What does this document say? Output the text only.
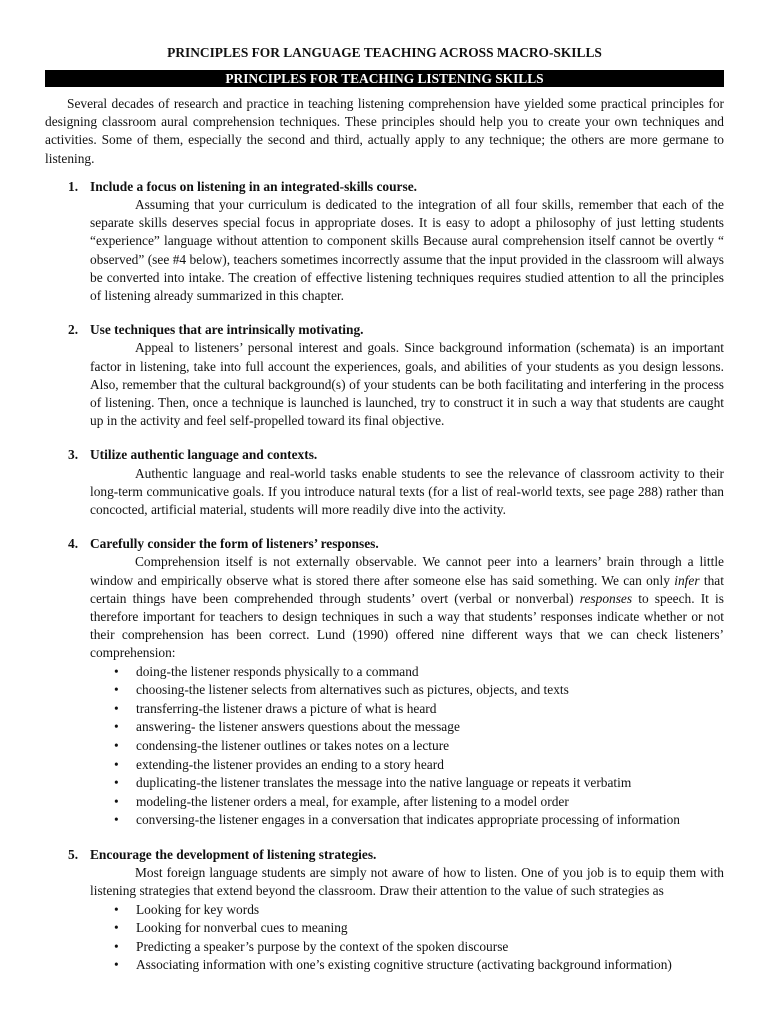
PRINCIPLES FOR LANGUAGE TEACHING ACROSS MACRO-SKILLS
PRINCIPLES FOR TEACHING LISTENING SKILLS

Several decades of research and practice in teaching listening comprehension have yielded some practical principles for designing classroom aural comprehension techniques. These principles should help you to create your own techniques and activities. Some of them, especially the second and third, actually apply to any technique; the others are more germane to listening.

1. Include a focus on listening in an integrated-skills course.

Assuming that your curriculum is dedicated to the integration of all four skills, remember that each of the separate skills deserves special focus in appropriate doses. It is easy to adopt a philosophy of just letting students “experience” language without attention to component skills Because aural comprehension itself cannot be overtly “ observed” (see #4 below), teachers sometimes incorrectly assume that the input provided in the classroom will always be converted into intake. The creation of effective listening techniques requires studied attention to all the principles of listening already summarized in this chapter.

2. Use techniques that are intrinsically motivating.

Appeal to listeners’ personal interest and goals. Since background information (schemata) is an important factor in listening, take into full account the experiences, goals, and abilities of your students as you design lessons. Also, remember that the cultural background(s) of your students can be both facilitating and interfering in the process of listening. Then, once a technique is launched is launched, try to construct it in such a way that students are caught up in the activity and feel self-propelled toward its final objective.

3. Utilize authentic language and contexts.

Authentic language and real-world tasks enable students to see the relevance of classroom activity to their long-term communicative goals. If you introduce natural texts (for a list of real-world texts, see page 288) rather than concocted, artificial material, students will more readily dive into the activity.

4. Carefully consider the form of listeners’ responses.

Comprehension itself is not externally observable. We cannot peer into a learners’ brain through a little window and empirically observe what is stored there after someone else has said something. We can only infer that certain things have been comprehended through students’ overt (verbal or nonverbal) responses to speech. It is therefore important for teachers to design techniques in such a way that students’ responses indicate whether or not their comprehension has been correct. Lund (1990) offered nine different ways that we can check listeners’ comprehension:

• doing-the listener responds physically to a command
• choosing-the listener selects from alternatives such as pictures, objects, and texts
• transferring-the listener draws a picture of what is heard
• answering- the listener answers questions about the message
• condensing-the listener outlines or takes notes on a lecture
• extending-the listener provides an ending to a story heard
• duplicating-the listener translates the message into the native language or repeats it verbatim
• modeling-the listener orders a meal, for example, after listening to a model order
• conversing-the listener engages in a conversation that indicates appropriate processing of information
5. Encourage the development of listening strategies.

Most foreign language students are simply not aware of how to listen. One of you job is to equip them with listening strategies that extend beyond the classroom. Draw their attention to the value of such strategies as

• Looking for key words
• Looking for nonverbal cues to meaning
• Predicting a speaker’s purpose by the context of the spoken discourse
• Associating information with one’s existing cognitive structure (activating background information)
